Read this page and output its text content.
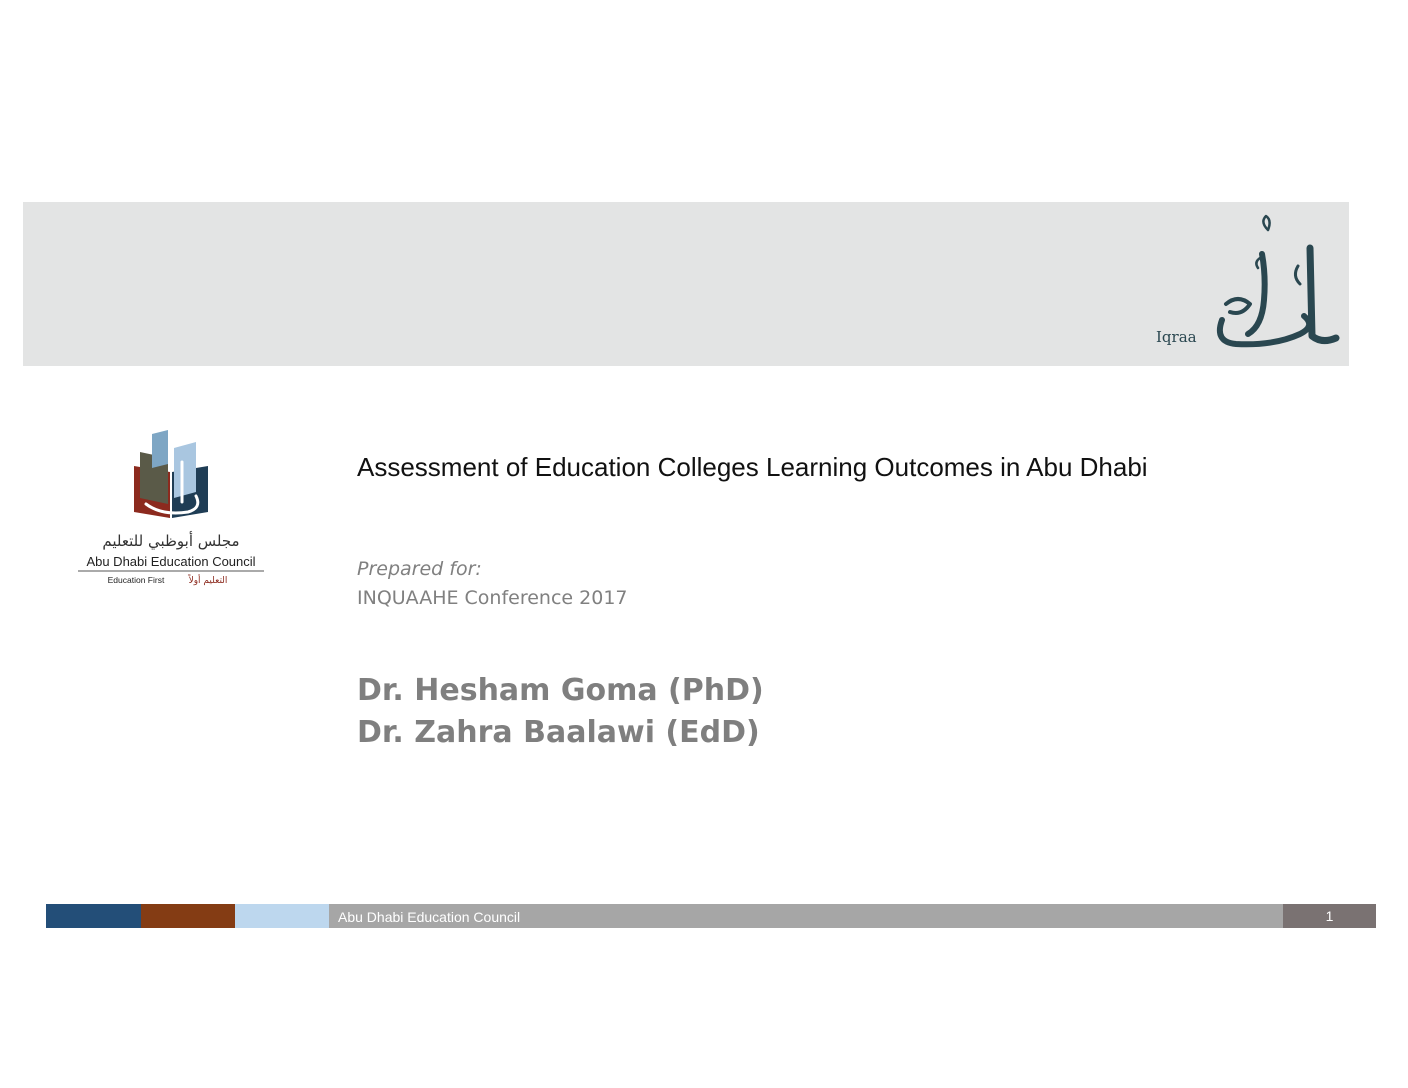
Iqraa
مجلس أبوظبي للتعليم
Abu Dhabi Education Council
Education First	التعليم أولاً
Assessment of Education Colleges Learning Outcomes in Abu Dhabi
Prepared for:
INQUAAHE Conference 2017
Dr. Hesham Goma (PhD)
Dr. Zahra Baalawi (EdD)
Abu Dhabi Education Council	1
